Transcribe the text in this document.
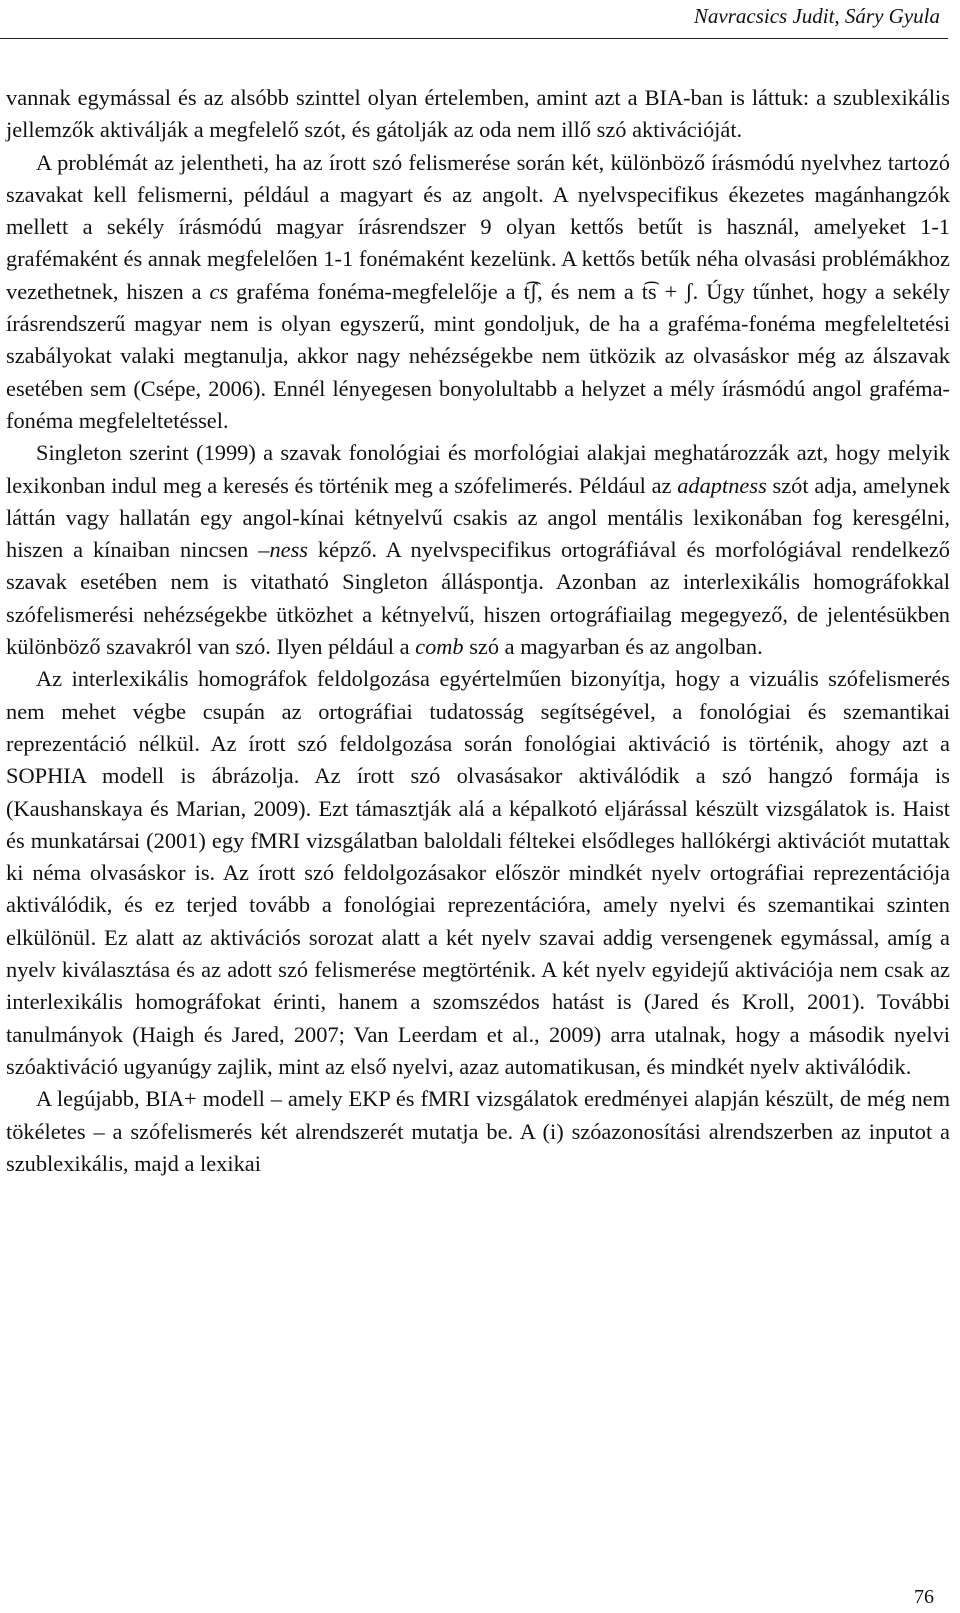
Navracsics Judit, Sáry Gyula

vannak egymással és az alsóbb szinttel olyan értelemben, amint azt a BIA-ban is láttuk: a szublexikális jellemzők aktiválják a megfelelő szót, és gátolják az oda nem illő szó aktivációját.

A problémát az jelentheti, ha az írott szó felismerése során két, különböző írásmódú nyelvhez tartozó szavakat kell felismerni, például a magyart és az angolt. A nyelvspecifikus ékezetes magánhangzók mellett a sekély írásmódú magyar írásrendszer 9 olyan kettős betűt is használ, amelyeket 1-1 grafémaként és annak megfelelően 1-1 fonémaként kezelünk. A kettős betűk néha olvasási problémákhoz vezethetnek, hiszen a cs graféma fonéma-megfelelője a t͡ʃ, és nem a t͡s + ʃ. Úgy tűnhet, hogy a sekély írásrendszerű magyar nem is olyan egyszerű, mint gondoljuk, de ha a graféma-fonéma megfeleltetési szabályokat valaki megtanulja, akkor nagy nehézségekbe nem ütközik az olvasáskor még az álszavak esetében sem (Csépe, 2006). Ennél lényegesen bonyolultabb a helyzet a mély írásmódú angol graféma-fonéma megfeleltetéssel.

Singleton szerint (1999) a szavak fonológiai és morfológiai alakjai meghatározzák azt, hogy melyik lexikonban indul meg a keresés és történik meg a szófelimerés. Például az adaptness szót adja, amelynek láttán vagy hallatán egy angol-kínai kétnyelvű csakis az angol mentális lexikonában fog keresgélni, hiszen a kínaiban nincsen –ness képző. A nyelvspecifikus ortográfiával és morfológiával rendelkező szavak esetében nem is vitatható Singleton álláspontja. Azonban az interlexikális homográfokkal szófelismerési nehézségekbe ütközhet a kétnyelvű, hiszen ortográfiailag megegyező, de jelentésükben különböző szavakról van szó. Ilyen például a comb szó a magyarban és az angolban.

Az interlexikális homográfok feldolgozása egyértelműen bizonyítja, hogy a vizuális szófelismerés nem mehet végbe csupán az ortográfiai tudatosság segítségével, a fonológiai és szemantikai reprezentáció nélkül. Az írott szó feldolgozása során fonológiai aktiváció is történik, ahogy azt a SOPHIA modell is ábrázolja. Az írott szó olvasásakor aktiválódik a szó hangzó formája is (Kaushanskaya és Marian, 2009). Ezt támasztják alá a képalkotó eljárással készült vizsgálatok is. Haist és munkatársai (2001) egy fMRI vizsgálatban baloldali féltekei elsődleges hallókérgi aktivációt mutattak ki néma olvasáskor is. Az írott szó feldolgozásakor először mindkét nyelv ortográfiai reprezentációja aktiválódik, és ez terjed tovább a fonológiai reprezentációra, amely nyelvi és szemantikai szinten elkülönül. Ez alatt az aktivációs sorozat alatt a két nyelv szavai addig versengenek egymással, amíg a nyelv kiválasztása és az adott szó felismerése megtörténik. A két nyelv egyidejű aktivációja nem csak az interlexikális homográfokat érinti, hanem a szomszédos hatást is (Jared és Kroll, 2001). További tanulmányok (Haigh és Jared, 2007; Van Leerdam et al., 2009) arra utalnak, hogy a második nyelvi szóaktiváció ugyanúgy zajlik, mint az első nyelvi, azaz automatikusan, és mindkét nyelv aktiválódik.

A legújabb, BIA+ modell – amely EKP és fMRI vizsgálatok eredményei alapján készült, de még nem tökéletes – a szófelismerés két alrendszerét mutatja be. A (i) szóazonosítási alrendszerben az inputot a szublexikális, majd a lexikai

76
